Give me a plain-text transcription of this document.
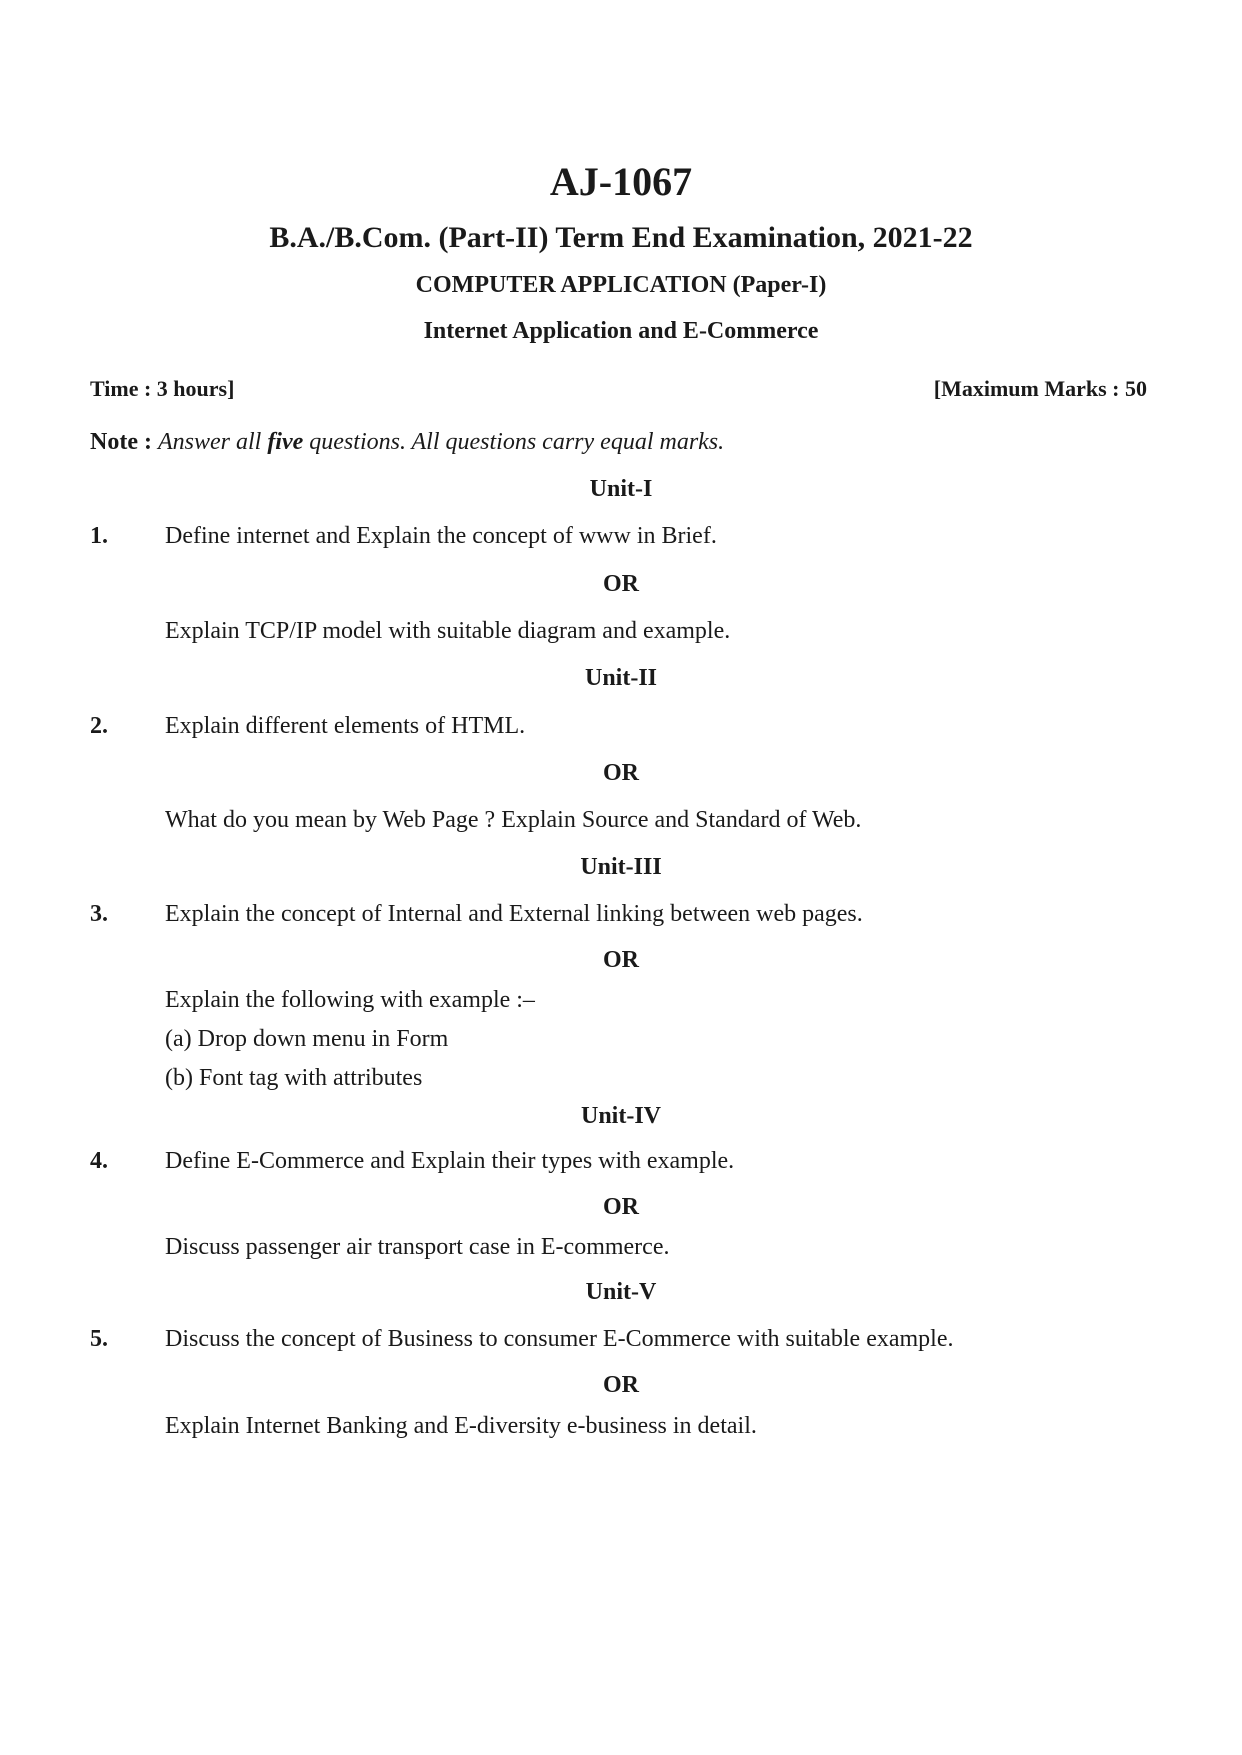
AJ-1067
B.A./B.Com. (Part-II) Term End Examination, 2021-22
COMPUTER APPLICATION (Paper-I)
Internet Application and E-Commerce
Time : 3 hours]	[Maximum Marks : 50
Note : Answer all five questions. All questions carry equal marks.
Unit-I
1. Define internet and Explain the concept of www in Brief.
OR
Explain TCP/IP model with suitable diagram and example.
Unit-II
2. Explain different elements of HTML.
OR
What do you mean by Web Page ? Explain Source and Standard of Web.
Unit-III
3. Explain the concept of Internal and External linking between web pages.
OR
Explain the following with example :–
(a) Drop down menu in Form
(b) Font tag with attributes
Unit-IV
4. Define E-Commerce and Explain their types with example.
OR
Discuss passenger air transport case in E-commerce.
Unit-V
5. Discuss the concept of Business to consumer E-Commerce with suitable example.
OR
Explain Internet Banking and E-diversity e-business in detail.
